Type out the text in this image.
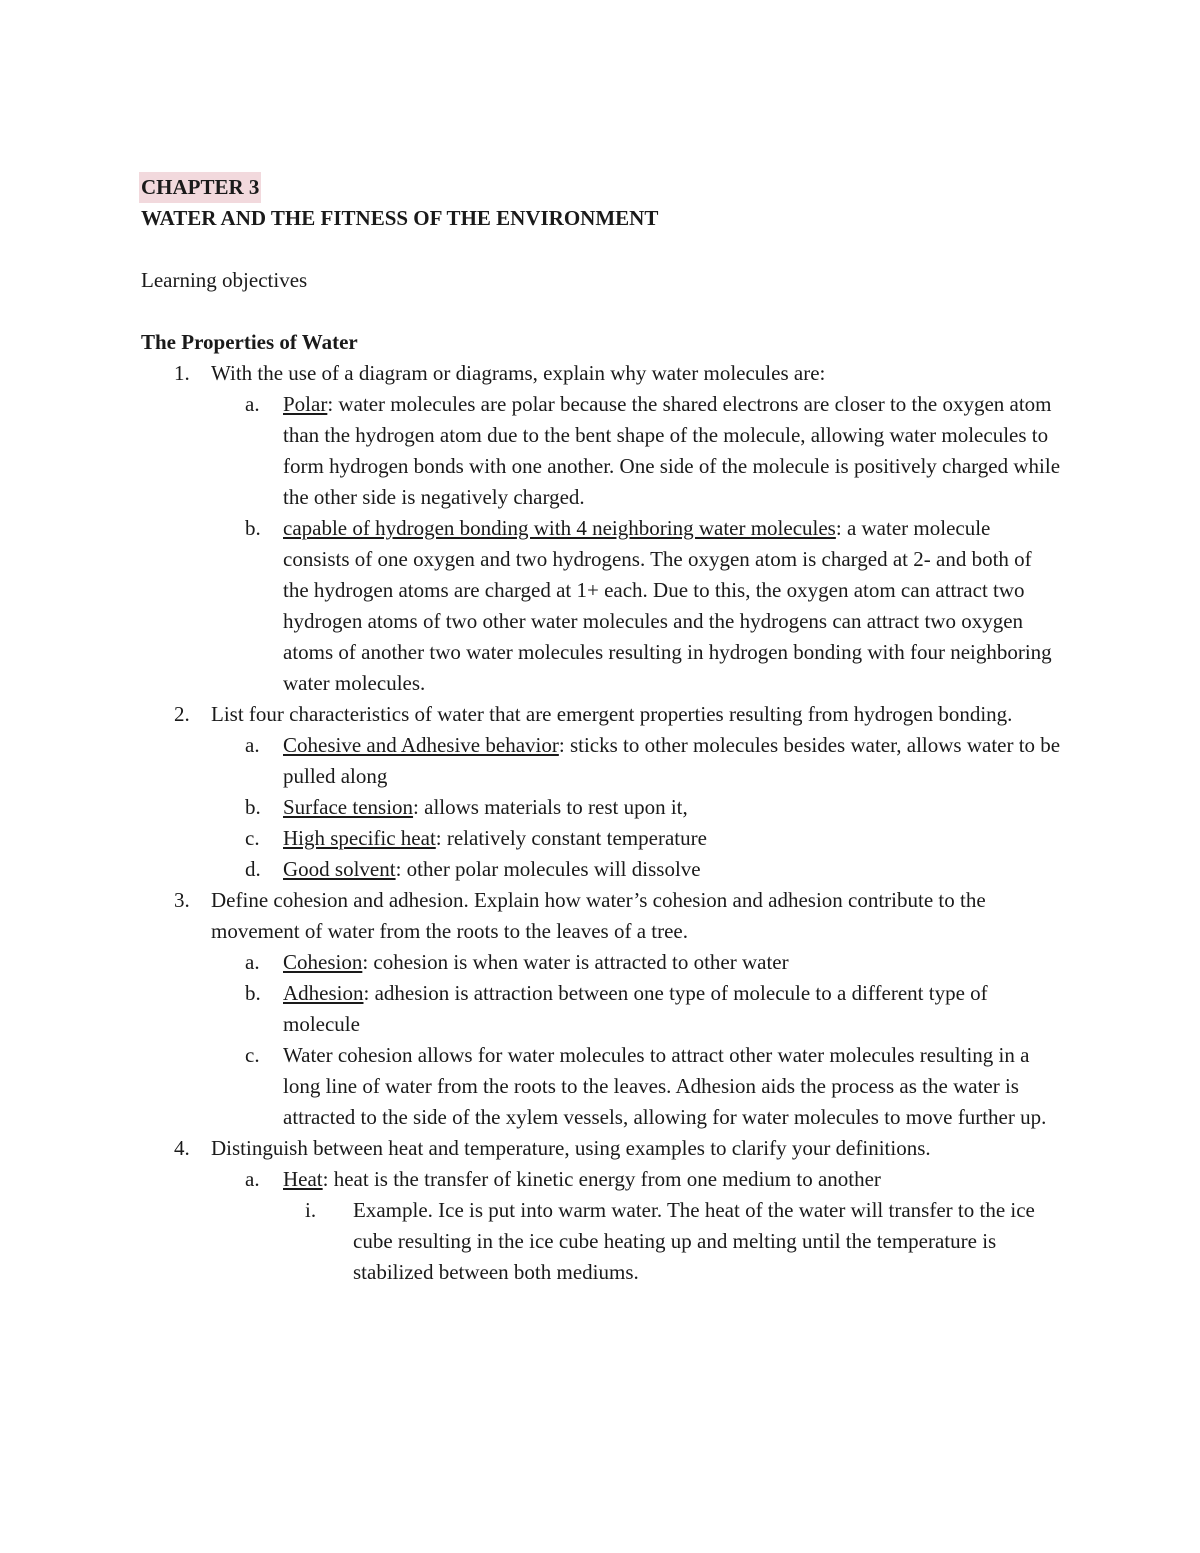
CHAPTER 3
WATER AND THE FITNESS OF THE ENVIRONMENT
Learning objectives
The Properties of Water
1. With the use of a diagram or diagrams, explain why water molecules are:
a. Polar: water molecules are polar because the shared electrons are closer to the oxygen atom than the hydrogen atom due to the bent shape of the molecule, allowing water molecules to form hydrogen bonds with one another. One side of the molecule is positively charged while the other side is negatively charged.
b. capable of hydrogen bonding with 4 neighboring water molecules: a water molecule consists of one oxygen and two hydrogens. The oxygen atom is charged at 2- and both of the hydrogen atoms are charged at 1+ each. Due to this, the oxygen atom can attract two hydrogen atoms of two other water molecules and the hydrogens can attract two oxygen atoms of another two water molecules resulting in hydrogen bonding with four neighboring water molecules.
2. List four characteristics of water that are emergent properties resulting from hydrogen bonding.
a. Cohesive and Adhesive behavior: sticks to other molecules besides water, allows water to be pulled along
b. Surface tension: allows materials to rest upon it,
c. High specific heat: relatively constant temperature
d. Good solvent: other polar molecules will dissolve
3. Define cohesion and adhesion. Explain how water’s cohesion and adhesion contribute to the movement of water from the roots to the leaves of a tree.
a. Cohesion: cohesion is when water is attracted to other water
b. Adhesion: adhesion is attraction between one type of molecule to a different type of molecule
c. Water cohesion allows for water molecules to attract other water molecules resulting in a long line of water from the roots to the leaves. Adhesion aids the process as the water is attracted to the side of the xylem vessels, allowing for water molecules to move further up.
4. Distinguish between heat and temperature, using examples to clarify your definitions.
a. Heat: heat is the transfer of kinetic energy from one medium to another
i. Example. Ice is put into warm water. The heat of the water will transfer to the ice cube resulting in the ice cube heating up and melting until the temperature is stabilized between both mediums.
